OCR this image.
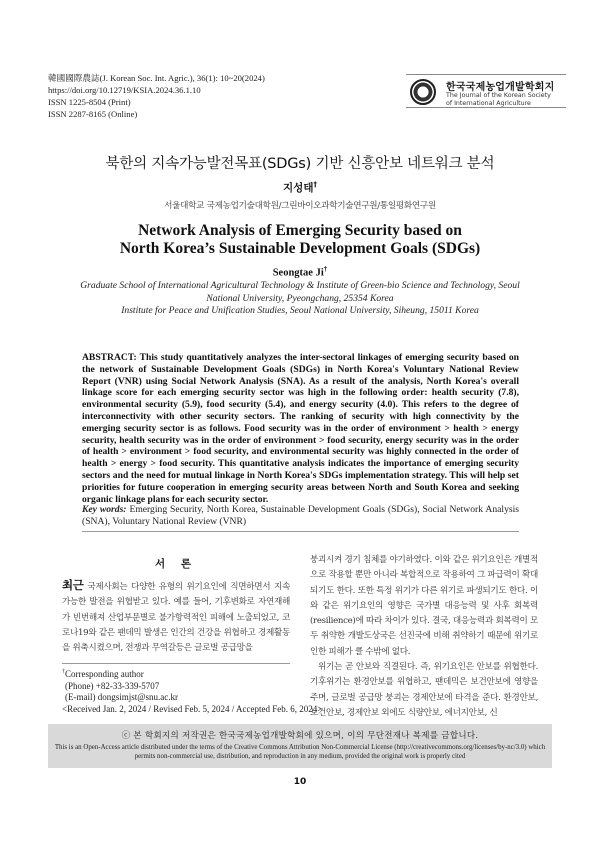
韓國國際農誌(J. Korean Soc. Int. Agric.), 36(1): 10~20(2024)
https://doi.org/10.12719/KSIA.2024.36.1.10
ISSN 1225-8504 (Print)
ISSN 2287-8165 (Online)
한국국제농업개발학회지
The Journal of the Korean Society
of International Agriculture
북한의 지속가능발전목표(SDGs) 기반 신흥안보 네트워크 분석
지성태†
서울대학교 국제농업기술대학원/그린바이오과학기술연구원/통일평화연구원
Network Analysis of Emerging Security based on
North Korea’s Sustainable Development Goals (SDGs)
Seongtae Ji†
Graduate School of International Agricultural Technology & Institute of Green-bio Science and Technology, Seoul
National University, Pyeongchang, 25354 Korea
Institute for Peace and Unification Studies, Seoul National University, Siheung, 15011 Korea
ABSTRACT: This study quantitatively analyzes the inter-sectoral linkages of emerging security based on the network of Sustainable Development Goals (SDGs) in North Korea's Voluntary National Review Report (VNR) using Social Network Analysis (SNA). As a result of the analysis, North Korea's overall linkage score for each emerging security sector was high in the following order: health security (7.8), environmental security (5.9), food security (5.4), and energy security (4.0). This refers to the degree of interconnectivity with other security sectors. The ranking of security with high connectivity by the emerging security sector is as follows. Food security was in the order of environment > health > energy security, health security was in the order of environment > food security, energy security was in the order of health > environment > food security, and environmental security was highly connected in the order of health > energy > food security. This quantitative analysis indicates the importance of emerging security sectors and the need for mutual linkage in North Korea's SDGs implementation strategy. This will help set priorities for future cooperation in emerging security areas between North and South Korea and seeking organic linkage plans for each security sector.
Key words: Emerging Security, North Korea, Sustainable Development Goals (SDGs), Social Network Analysis (SNA), Voluntary National Review (VNR)
서 론
최근 국제사회는 다양한 유형의 위기요인에 직면하면서 지속가능한 발전을 위협받고 있다. 예를 들어, 기후변화로 자연재해가 빈번해져 산업부문별로 불가항력적인 피해에 노출되었고, 코로나19와 같은 팬데믹 발생은 인간의 건강을 위협하고 경제활동을 위축시켰으며, 전쟁과 무역갈등은 글로벌 공급망을

붕괴시켜 경기 침체를 야기하였다. 이와 같은 위기요인은 개별적으로 작용할 뿐만 아니라 복합적으로 작용하여 그 파급력이 확대되기도 한다. 또한 특정 위기가 다른 위기로 파생되기도 한다. 이와 같은 위기요인의 영향은 국가별 대응능력 및 사후 회복력(resilience)에 따라 차이가 있다. 결국, 대응능력과 회복력이 모두 취약한 개발도상국은 선진국에 비해 취약하기 때문에 위기로 인한 피해가 클 수밖에 없다.

위기는 곧 안보와 직결된다. 즉, 위기요인은 안보를 위협한다. 기후위기는 환경안보를 위협하고, 팬데믹은 보건안보에 영향을 주며, 글로벌 공급망 붕괴는 경제안보에 타격을 준다. 환경안보, 보건안보, 경제안보 외에도 식량안보, 에너지안보, 신

†Corresponding author
(Phone) +82-33-339-5707
(E-mail) dongsimjst@snu.ac.kr
<Received Jan. 2, 2024 / Revised Feb. 5, 2024 / Accepted Feb. 6, 2024>
ⓒ 본 학회지의 저작권은 한국국제농업개발학회에 있으며, 이의 무단전재나 복제를 금합니다.
This is an Open-Access article distributed under the terms of the Creative Commons Attribution Non-Commercial License (http://creativecommons.org/licenses/by-nc/3.0) which permits non-commercial use, distribution, and reproduction in any medium, provided the original work is properly cited
10
